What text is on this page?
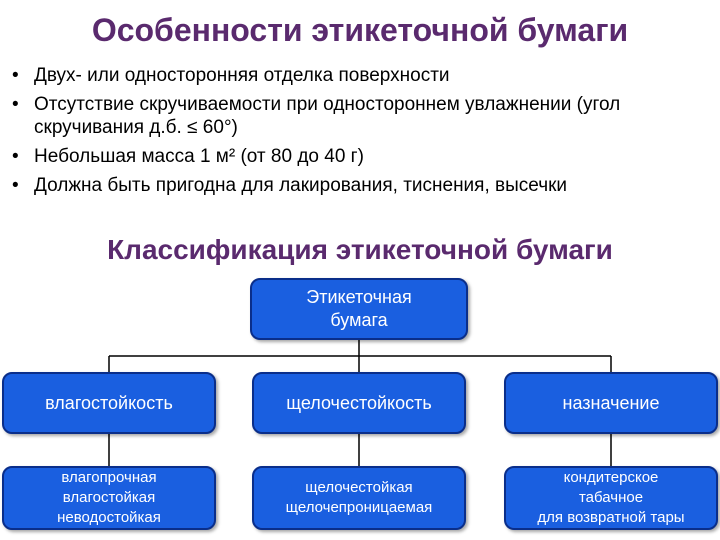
Особенности этикеточной бумаги
• Двух- или односторонняя отделка поверхности
• Отсутствие скручиваемости при одностороннем увлажнении (угол скручивания д.б. ≤ 60°)
• Небольшая масса 1 м² (от 80 до 40 г)
• Должна быть пригодна для лакирования, тиснения, высечки
Классификация этикеточной бумаги
Этикеточная
бумага
влагостойкость	щелочестойкость	назначение
влагопрочная
влагостойкая
неводостойкая
щелочестойкая
щелочепроницаемая
кондитерское
табачное
для возвратной тары
